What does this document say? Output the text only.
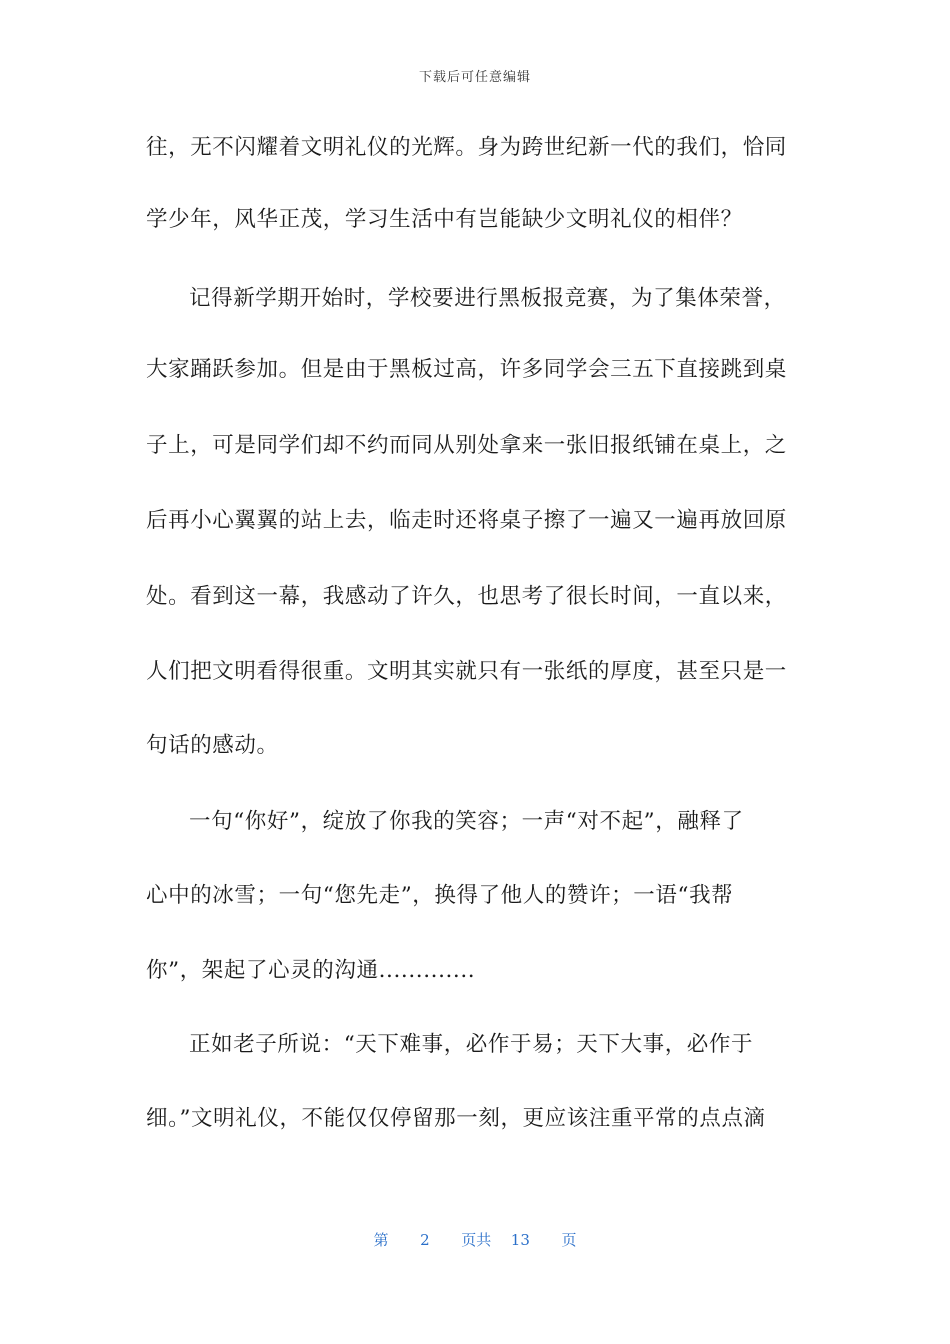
下载后可任意编辑
往，无不闪耀着文明礼仪的光辉。身为跨世纪新一代的我们，恰同
学少年，风华正茂，学习生活中有岂能缺少文明礼仪的相伴？
记得新学期开始时，学校要进行黑板报竞赛，为了集体荣誉，
大家踊跃参加。但是由于黑板过高，许多同学会三五下直接跳到桌
子上，可是同学们却不约而同从别处拿来一张旧报纸铺在桌上，之
后再小心翼翼的站上去，临走时还将桌子擦了一遍又一遍再放回原
处。看到这一幕，我感动了许久，也思考了很长时间，一直以来，
人们把文明看得很重。文明其实就只有一张纸的厚度，甚至只是一
句话的感动。
一句“你好”，绽放了你我的笑容；一声“对不起”，融释了
心中的冰雪；一句“您先走”，换得了他人的赞许；一语“我帮
你”，架起了心灵的沟通.............
正如老子所说：“天下难事，必作于易；天下大事，必作于
细。”文明礼仪，不能仅仅停留那一刻，更应该注重平常的点点滴
第 2 页共 13 页
